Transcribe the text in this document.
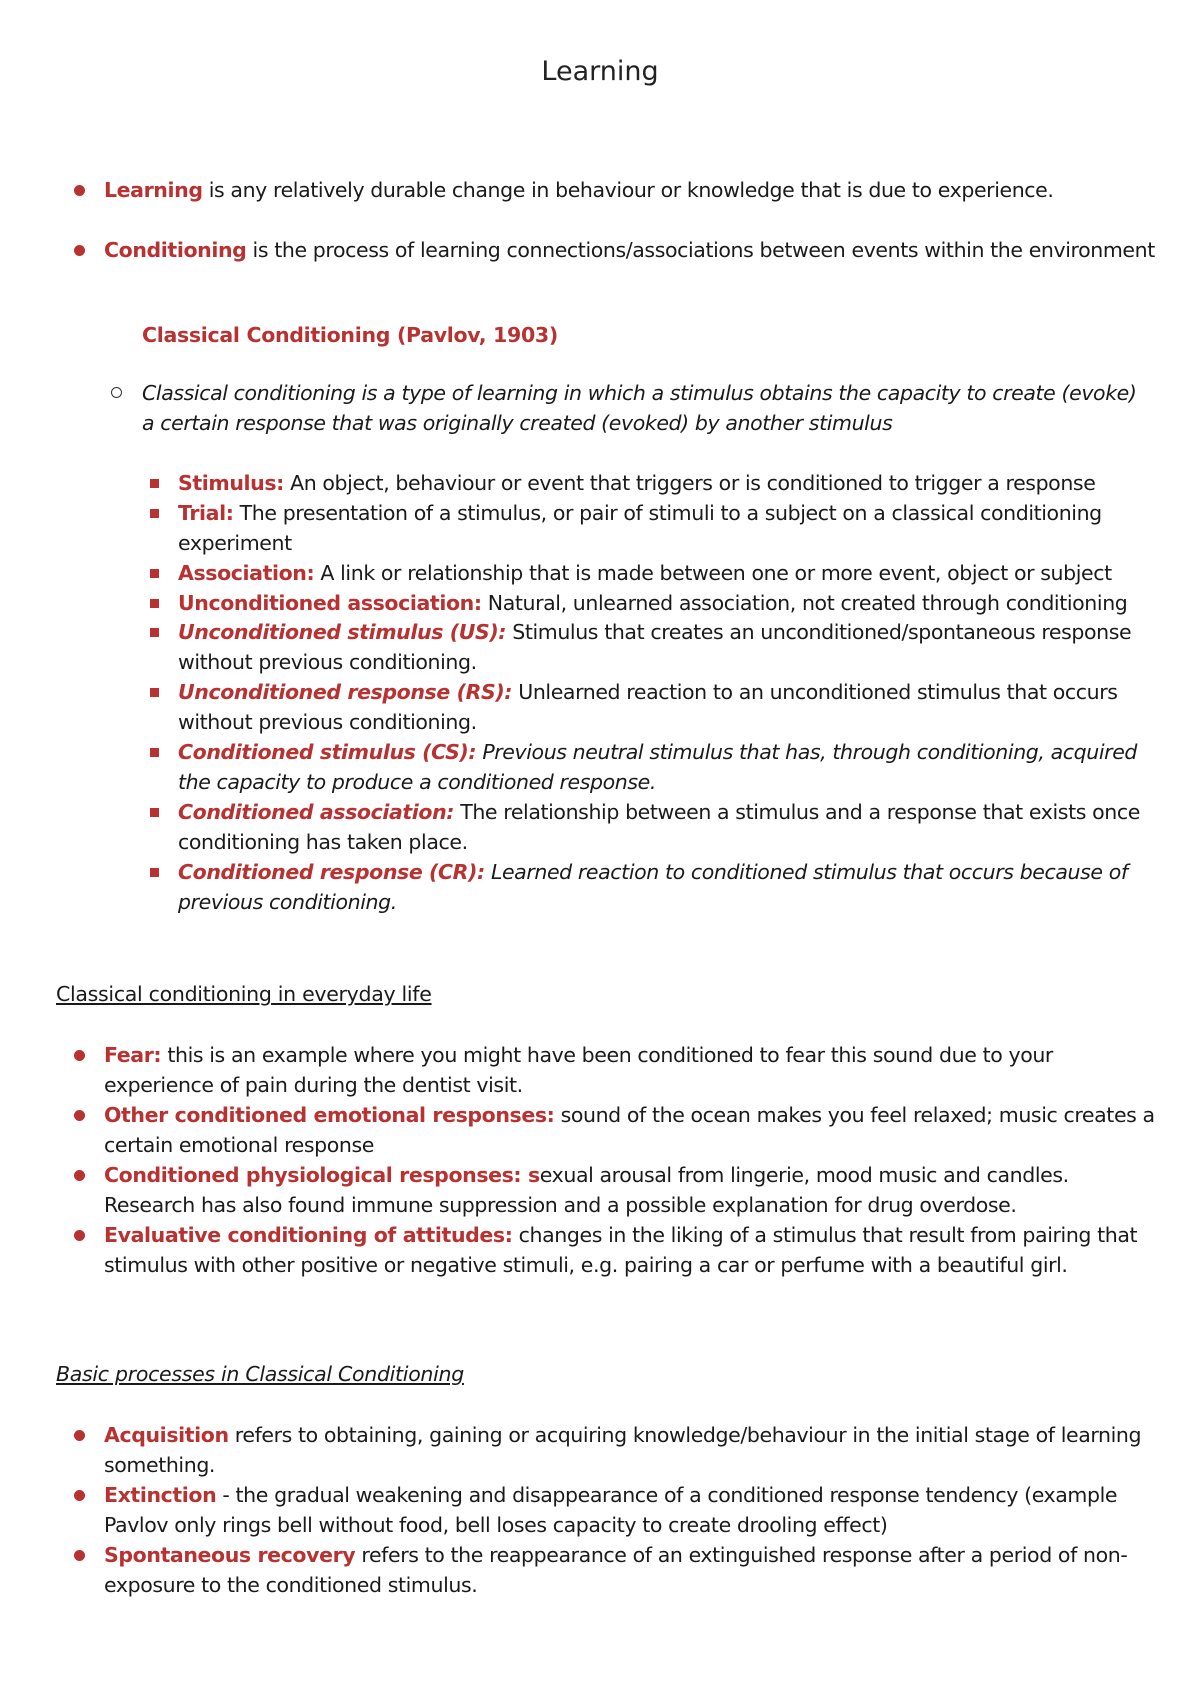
Learning
Learning is any relatively durable change in behaviour or knowledge that is due to experience.
Conditioning is the process of learning connections/associations between events within the environment
Classical Conditioning (Pavlov, 1903)
Classical conditioning is a type of learning in which a stimulus obtains the capacity to create (evoke) a certain response that was originally created (evoked) by another stimulus
Stimulus: An object, behaviour or event that triggers or is conditioned to trigger a response
Trial: The presentation of a stimulus, or pair of stimuli to a subject on a classical conditioning experiment
Association: A link or relationship that is made between one or more event, object or subject
Unconditioned association: Natural, unlearned association, not created through conditioning
Unconditioned stimulus (US): Stimulus that creates an unconditioned/spontaneous response without previous conditioning.
Unconditioned response (RS): Unlearned reaction to an unconditioned stimulus that occurs without previous conditioning.
Conditioned stimulus (CS): Previous neutral stimulus that has, through conditioning, acquired the capacity to produce a conditioned response.
Conditioned association: The relationship between a stimulus and a response that exists once conditioning has taken place.
Conditioned response (CR): Learned reaction to conditioned stimulus that occurs because of previous conditioning.
Classical conditioning in everyday life
Fear: this is an example where you might have been conditioned to fear this sound due to your experience of pain during the dentist visit.
Other conditioned emotional responses: sound of the ocean makes you feel relaxed; music creates a certain emotional response
Conditioned physiological responses: sexual arousal from lingerie, mood music and candles. Research has also found immune suppression and a possible explanation for drug overdose.
Evaluative conditioning of attitudes: changes in the liking of a stimulus that result from pairing that stimulus with other positive or negative stimuli, e.g. pairing a car or perfume with a beautiful girl.
Basic processes in Classical Conditioning
Acquisition refers to obtaining, gaining or acquiring knowledge/behaviour in the initial stage of learning something.
Extinction - the gradual weakening and disappearance of a conditioned response tendency (example Pavlov only rings bell without food, bell loses capacity to create drooling effect)
Spontaneous recovery refers to the reappearance of an extinguished response after a period of non-exposure to the conditioned stimulus.
